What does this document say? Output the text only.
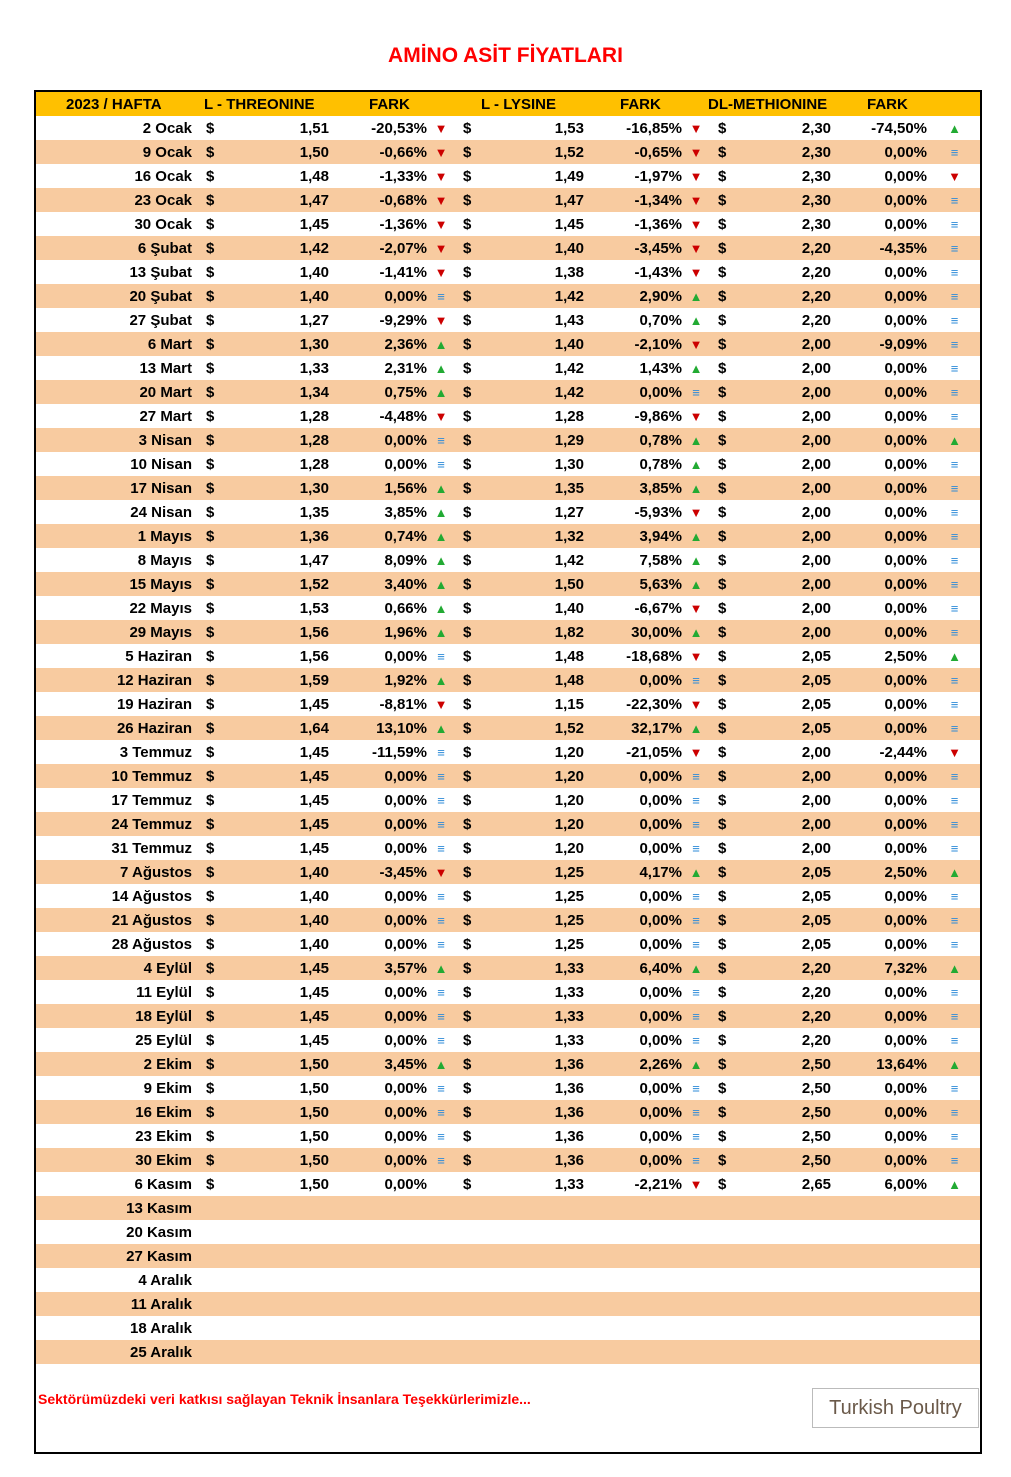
AMİNO ASİT FİYATLARI
2023 / HAFTA	L - THREONINE		FARK		L - LYSINE		FARK		DL-METHIONINE		FARK	
2 Ocak	$	1,51	-20,53%	▼	$	1,53	-16,85%	▼	$	2,30	-74,50%	▲
9 Ocak	$	1,50	-0,66%	▼	$	1,52	-0,65%	▼	$	2,30	0,00%	≡
16 Ocak	$	1,48	-1,33%	▼	$	1,49	-1,97%	▼	$	2,30	0,00%	▼
23 Ocak	$	1,47	-0,68%	▼	$	1,47	-1,34%	▼	$	2,30	0,00%	≡
30 Ocak	$	1,45	-1,36%	▼	$	1,45	-1,36%	▼	$	2,30	0,00%	≡
6 Şubat	$	1,42	-2,07%	▼	$	1,40	-3,45%	▼	$	2,20	-4,35%	≡
13 Şubat	$	1,40	-1,41%	▼	$	1,38	-1,43%	▼	$	2,20	0,00%	≡
20 Şubat	$	1,40	0,00%	≡	$	1,42	2,90%	▲	$	2,20	0,00%	≡
27 Şubat	$	1,27	-9,29%	▼	$	1,43	0,70%	▲	$	2,20	0,00%	≡
6 Mart	$	1,30	2,36%	▲	$	1,40	-2,10%	▼	$	2,00	-9,09%	≡
13 Mart	$	1,33	2,31%	▲	$	1,42	1,43%	▲	$	2,00	0,00%	≡
20 Mart	$	1,34	0,75%	▲	$	1,42	0,00%	≡	$	2,00	0,00%	≡
27 Mart	$	1,28	-4,48%	▼	$	1,28	-9,86%	▼	$	2,00	0,00%	≡
3 Nisan	$	1,28	0,00%	≡	$	1,29	0,78%	▲	$	2,00	0,00%	▲
10 Nisan	$	1,28	0,00%	≡	$	1,30	0,78%	▲	$	2,00	0,00%	≡
17 Nisan	$	1,30	1,56%	▲	$	1,35	3,85%	▲	$	2,00	0,00%	≡
24 Nisan	$	1,35	3,85%	▲	$	1,27	-5,93%	▼	$	2,00	0,00%	≡
1 Mayıs	$	1,36	0,74%	▲	$	1,32	3,94%	▲	$	2,00	0,00%	≡
8 Mayıs	$	1,47	8,09%	▲	$	1,42	7,58%	▲	$	2,00	0,00%	≡
15 Mayıs	$	1,52	3,40%	▲	$	1,50	5,63%	▲	$	2,00	0,00%	≡
22 Mayıs	$	1,53	0,66%	▲	$	1,40	-6,67%	▼	$	2,00	0,00%	≡
29 Mayıs	$	1,56	1,96%	▲	$	1,82	30,00%	▲	$	2,00	0,00%	≡
5 Haziran	$	1,56	0,00%	≡	$	1,48	-18,68%	▼	$	2,05	2,50%	▲
12 Haziran	$	1,59	1,92%	▲	$	1,48	0,00%	≡	$	2,05	0,00%	≡
19 Haziran	$	1,45	-8,81%	▼	$	1,15	-22,30%	▼	$	2,05	0,00%	≡
26 Haziran	$	1,64	13,10%	▲	$	1,52	32,17%	▲	$	2,05	0,00%	≡
3 Temmuz	$	1,45	-11,59%	≡	$	1,20	-21,05%	▼	$	2,00	-2,44%	▼
10 Temmuz	$	1,45	0,00%	≡	$	1,20	0,00%	≡	$	2,00	0,00%	≡
17 Temmuz	$	1,45	0,00%	≡	$	1,20	0,00%	≡	$	2,00	0,00%	≡
24 Temmuz	$	1,45	0,00%	≡	$	1,20	0,00%	≡	$	2,00	0,00%	≡
31 Temmuz	$	1,45	0,00%	≡	$	1,20	0,00%	≡	$	2,00	0,00%	≡
7 Ağustos	$	1,40	-3,45%	▼	$	1,25	4,17%	▲	$	2,05	2,50%	▲
14 Ağustos	$	1,40	0,00%	≡	$	1,25	0,00%	≡	$	2,05	0,00%	≡
21 Ağustos	$	1,40	0,00%	≡	$	1,25	0,00%	≡	$	2,05	0,00%	≡
28 Ağustos	$	1,40	0,00%	≡	$	1,25	0,00%	≡	$	2,05	0,00%	≡
4 Eylül	$	1,45	3,57%	▲	$	1,33	6,40%	▲	$	2,20	7,32%	▲
11 Eylül	$	1,45	0,00%	≡	$	1,33	0,00%	≡	$	2,20	0,00%	≡
18 Eylül	$	1,45	0,00%	≡	$	1,33	0,00%	≡	$	2,20	0,00%	≡
25 Eylül	$	1,45	0,00%	≡	$	1,33	0,00%	≡	$	2,20	0,00%	≡
2 Ekim	$	1,50	3,45%	▲	$	1,36	2,26%	▲	$	2,50	13,64%	▲
9 Ekim	$	1,50	0,00%	≡	$	1,36	0,00%	≡	$	2,50	0,00%	≡
16 Ekim	$	1,50	0,00%	≡	$	1,36	0,00%	≡	$	2,50	0,00%	≡
23 Ekim	$	1,50	0,00%	≡	$	1,36	0,00%	≡	$	2,50	0,00%	≡
30 Ekim	$	1,50	0,00%	≡	$	1,36	0,00%	≡	$	2,50	0,00%	≡
6 Kasım	$	1,50	0,00%		$	1,33	-2,21%	▼	$	2,65	6,00%	▲
13 Kasım												
20 Kasım												
27 Kasım												
4 Aralık												
11 Aralık												
18 Aralık												
25 Aralık												
Sektörümüzdeki veri katkısı sağlayan Teknik İnsanlara Teşekkürlerimizle...	Turkish Poultry
